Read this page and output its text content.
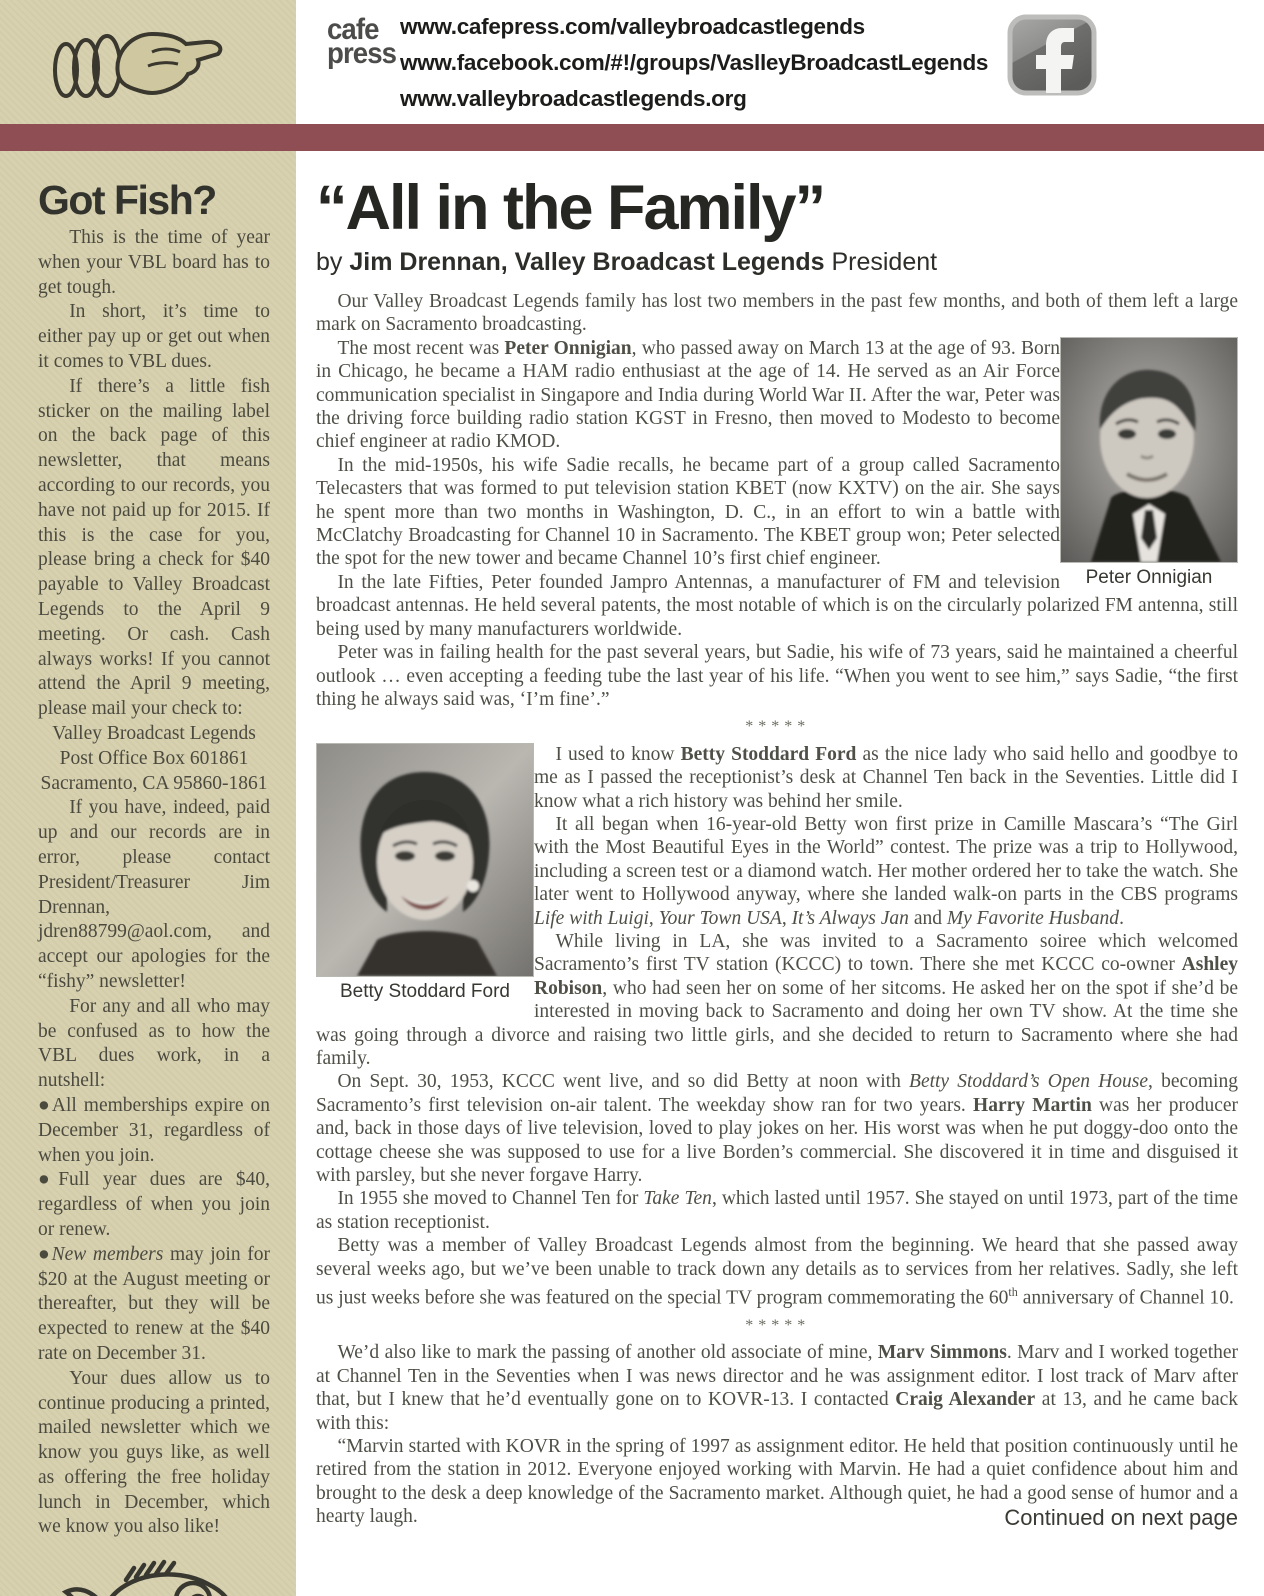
cafe
press
www.cafepress.com/valleybroadcastlegends
www.facebook.com/#!/groups/VaslleyBroadcastLegends
www.valleybroadcastlegends.org
Got Fish?

This is the time of year when your VBL board has to get tough.

In short, it’s time to either pay up or get out when it comes to VBL dues.

If there’s a little fish sticker on the mailing label on the back page of this newsletter, that means according to our records, you have not paid up for 2015. If this is the case for you, please bring a check for $40 payable to Valley Broadcast Legends to the April 9 meeting. Or cash. Cash always works! If you cannot attend the April 9 meeting, please mail your check to:

Valley Broadcast Legends

Post Office Box 601861

Sacramento, CA 95860-1861

If you have, indeed, paid up and our records are in error, please contact President/Treasurer Jim Drennan, jdren88799@aol.com, and accept our apologies for the “fishy” newsletter!

For any and all who may be confused as to how the VBL dues work, in a nutshell:

●All memberships expire on December 31, regardless of when you join.

●Full year dues are $40, regardless of when you join or renew.

●New members may join for $20 at the August meeting or thereafter, but they will be expected to renew at the $40 rate on December 31.

Your dues allow us to continue producing a printed, mailed newsletter which we know you guys like, as well as offering the free holiday lunch in December, which we know you also like!

“All in the Family”
by Jim Drennan, Valley Broadcast Legends President

Our Valley Broadcast Legends family has lost two members in the past few months, and both of them left a large mark on Sacramento broadcasting.

Peter Onnigian

The most recent was Peter Onnigian, who passed away on March 13 at the age of 93. Born in Chicago, he became a HAM radio enthusiast at the age of 14. He served as an Air Force communication specialist in Singapore and India during World War II. After the war, Peter was the driving force building radio station KGST in Fresno, then moved to Modesto to become chief engineer at radio KMOD.

In the mid-1950s, his wife Sadie recalls, he became part of a group called Sacramento Telecasters that was formed to put television station KBET (now KXTV) on the air. She says he spent more than two months in Washington, D. C., in an effort to win a battle with McClatchy Broadcasting for Channel 10 in Sacramento. The KBET group won; Peter selected the spot for the new tower and became Channel 10’s first chief engineer.

In the late Fifties, Peter founded Jampro Antennas, a manufacturer of FM and television broadcast antennas. He held several patents, the most notable of which is on the circularly polarized FM antenna, still being used by many manufacturers worldwide.

Peter was in failing health for the past several years, but Sadie, his wife of 73 years, said he maintained a cheerful outlook … even accepting a feeding tube the last year of his life. “When you went to see him,” says Sadie, “the first thing he always said was, ‘I’m fine’.”

*****
Betty Stoddard Ford

I used to know Betty Stoddard Ford as the nice lady who said hello and goodbye to me as I passed the receptionist’s desk at Channel Ten back in the Seventies. Little did I know what a rich history was behind her smile.

It all began when 16-year-old Betty won first prize in Camille Mascara’s “The Girl with the Most Beautiful Eyes in the World” contest. The prize was a trip to Hollywood, including a screen test or a diamond watch. Her mother ordered her to take the watch. She later went to Hollywood anyway, where she landed walk-on parts in the CBS programs Life with Luigi, Your Town USA, It’s Always Jan and My Favorite Husband.

While living in LA, she was invited to a Sacramento soiree which welcomed Sacramento’s first TV station (KCCC) to town. There she met KCCC co-owner Ashley Robison, who had seen her on some of her sitcoms. He asked her on the spot if she’d be interested in moving back to Sacramento and doing her own TV show. At the time she was going through a divorce and raising two little girls, and she decided to return to Sacramento where she had family.

On Sept. 30, 1953, KCCC went live, and so did Betty at noon with Betty Stoddard’s Open House, becoming Sacramento’s first television on-air talent. The weekday show ran for two years. Harry Martin was her producer and, back in those days of live television, loved to play jokes on her. His worst was when he put doggy-doo onto the cottage cheese she was supposed to use for a live Borden’s commercial. She discovered it in time and disguised it with parsley, but she never forgave Harry.

In 1955 she moved to Channel Ten for Take Ten, which lasted until 1957. She stayed on until 1973, part of the time as station receptionist.

Betty was a member of Valley Broadcast Legends almost from the beginning. We heard that she passed away several weeks ago, but we’ve been unable to track down any details as to services from her relatives. Sadly, she left us just weeks before she was featured on the special TV program commemorating the 60th anniversary of Channel 10.

*****

We’d also like to mark the passing of another old associate of mine, Marv Simmons. Marv and I worked together at Channel Ten in the Seventies when I was news director and he was assignment editor. I lost track of Marv after that, but I knew that he’d eventually gone on to KOVR-13. I contacted Craig Alexander at 13, and he came back with this:

“Marvin started with KOVR in the spring of 1997 as assignment editor. He held that position continuously until he retired from the station in 2012. Everyone enjoyed working with Marvin. He had a quiet confidence about him and brought to the desk a deep knowledge of the Sacramento market. Although quiet, he had a good sense of humor and a hearty laugh.	Continued on next page
